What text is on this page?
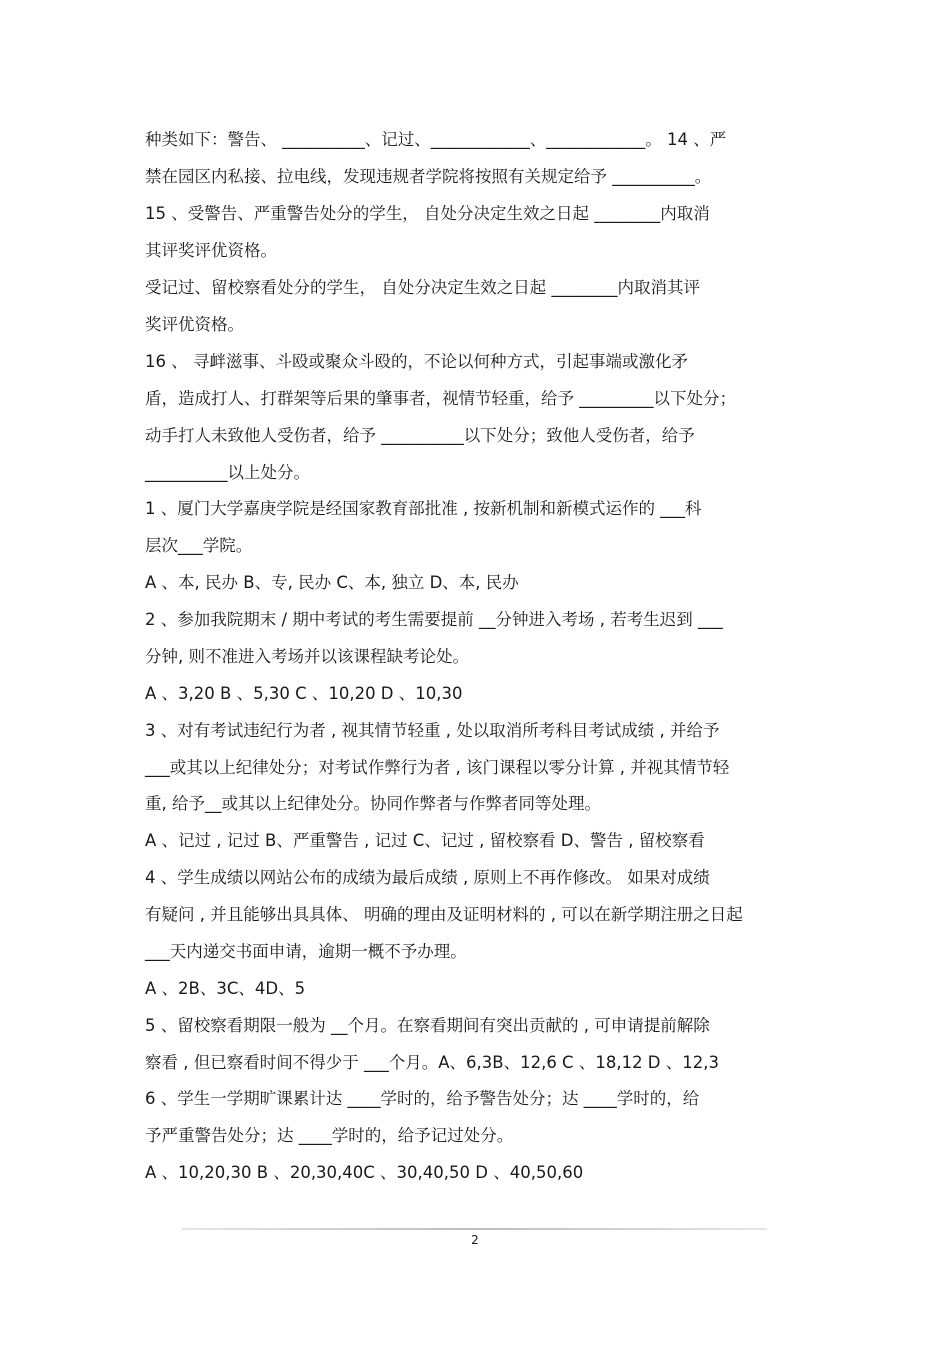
种类如下：警告、 __________、记过、____________、____________。 14 、严
禁在园区内私接、拉电线，发现违规者学院将按照有关规定给予 __________。
15 、受警告、严重警告处分的学生， 自处分决定生效之日起 ________内取消
其评奖评优资格。
受记过、留校察看处分的学生， 自处分决定生效之日起 ________内取消其评
奖评优资格。
16 、 寻衅滋事、斗殴或聚众斗殴的，不论以何种方式，引起事端或激化矛
盾，造成打人、打群架等后果的肇事者，视情节轻重，给予 _________以下处分；
动手打人未致他人受伤者，给予 __________以下处分；致他人受伤者，给予
__________以上处分。
1 、厦门大学嘉庚学院是经国家教育部批准 , 按新机制和新模式运作的 ___科
层次___学院。
A 、本, 民办 B、专, 民办 C、本, 独立 D、本, 民办
2 、参加我院期末 / 期中考试的考生需要提前 __分钟进入考场 , 若考生迟到 ___
分钟, 则不准进入考场并以该课程缺考论处。
A 、3,20 B 、5,30 C 、10,20 D 、10,30
3 、对有考试违纪行为者 , 视其情节轻重 , 处以取消所考科目考试成绩 , 并给予
___或其以上纪律处分；对考试作弊行为者 , 该门课程以零分计算 , 并视其情节轻
重, 给予__或其以上纪律处分。协同作弊者与作弊者同等处理。
A 、记过 , 记过 B、严重警告 , 记过 C、记过 , 留校察看 D、警告 , 留校察看
4 、学生成绩以网站公布的成绩为最后成绩 , 原则上不再作修改。 如果对成绩
有疑问 , 并且能够出具具体、 明确的理由及证明材料的 , 可以在新学期注册之日起
___天内递交书面申请，逾期一概不予办理。
A 、2B、3C、4D、5
5 、留校察看期限一般为 __个月。在察看期间有突出贡献的 , 可申请提前解除
察看 , 但已察看时间不得少于 ___个月。A、6,3B、12,6 C 、18,12 D 、12,3
6 、学生一学期旷课累计达 ____学时的，给予警告处分；达 ____学时的，给
予严重警告处分；达 ____学时的，给予记过处分。
A 、10,20,30 B 、20,30,40C 、30,40,50 D 、40,50,60
2
